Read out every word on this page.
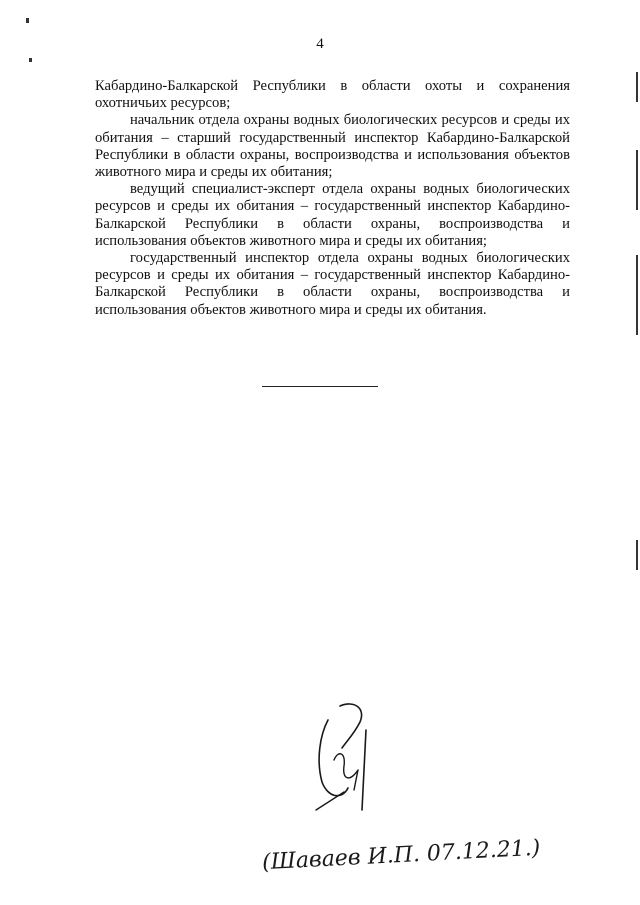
4

Кабардино-Балкарской Республики в области охоты и сохранения охотничьих ресурсов;

начальник отдела охраны водных биологических ресурсов и среды их обитания – старший государственный инспектор Кабардино-Балкарской Республики в области охраны, воспроизводства и использования объектов животного мира и среды их обитания;

ведущий специалист-эксперт отдела охраны водных биологических ресурсов и среды их обитания – государственный инспектор Кабардино-Балкарской Республики в области охраны, воспроизводства и использования объектов животного мира и среды их обитания;

государственный инспектор отдела охраны водных биологических ресурсов и среды их обитания – государственный инспектор Кабардино-Балкарской Республики в области охраны, воспроизводства и использования объектов животного мира и среды их обитания.

(Шаваев И.П. 07.12.21.)
